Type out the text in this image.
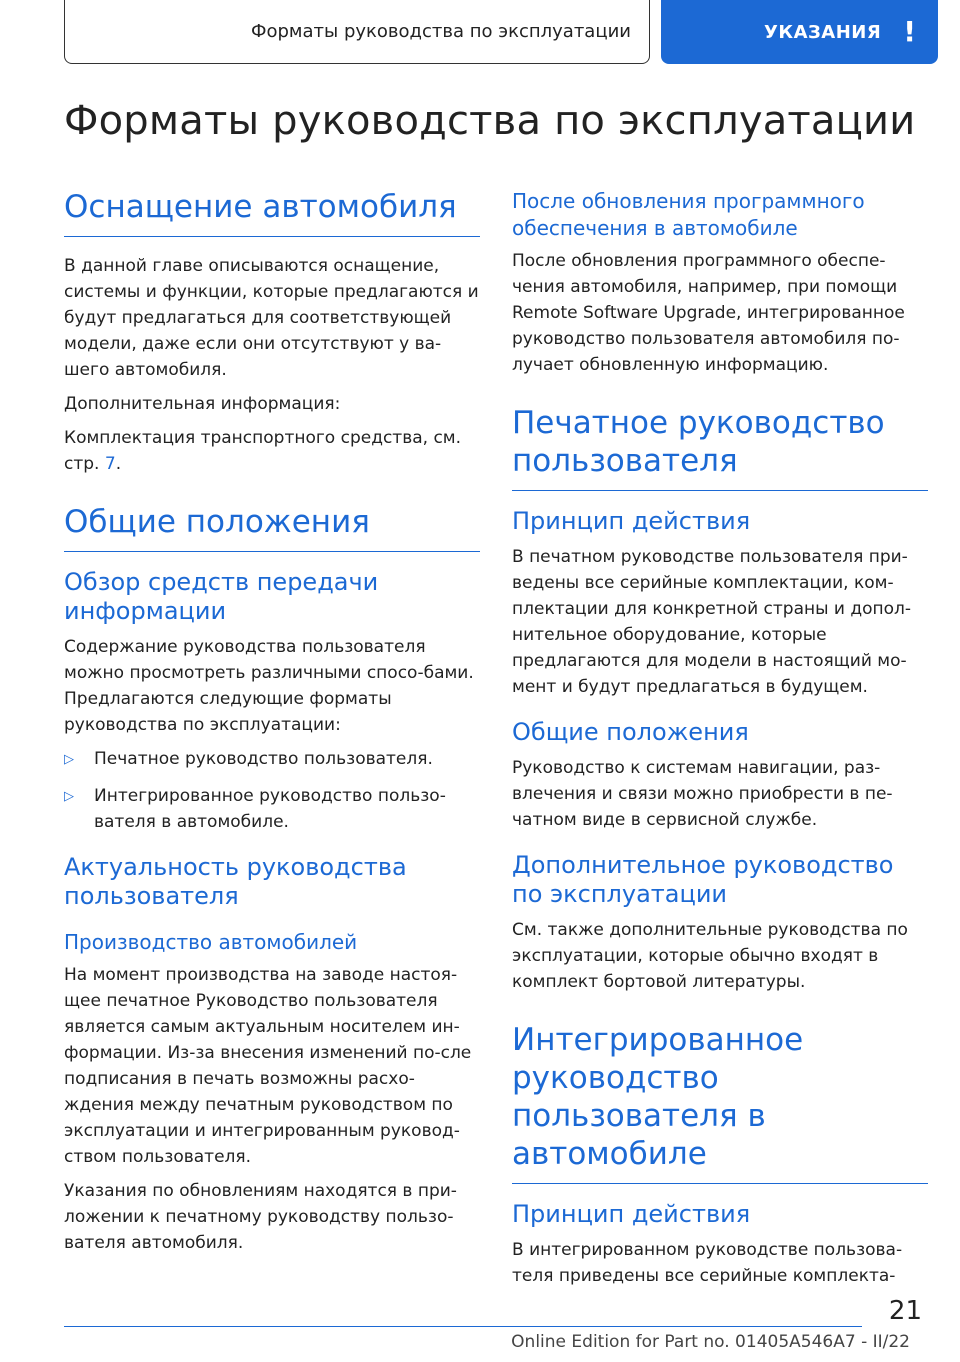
Форматы руководства по эксплуатации	УКАЗАНИЯ !
Форматы руководства по эксплуатации
Оснащение автомобиля

В данной главе описываются оснащение, системы и функции, которые предлагаются и будут предлагаться для соответствующей модели, даже если они отсутствуют у ва-шего автомобиля.

Дополнительная информация:

Комплектация транспортного средства, см. стр. 7.

Общие положения
Обзор средств передачи информации

Содержание руководства пользователя можно просмотреть различными спосо-бами. Предлагаются следующие форматы руководства по эксплуатации:

▷	Печатное руководство пользователя.
▷	Интегрированное руководство пользо-вателя в автомобиле.
Актуальность руководства пользователя
Производство автомобилей

На момент производства на заводе настоя-щее печатное Руководство пользователя является самым актуальным носителем ин-формации. Из-за внесения изменений по-сле подписания в печать возможны расхо-ждения между печатным руководством по эксплуатации и интегрированным руковод-ством пользователя.

Указания по обновлениям находятся в при-ложении к печатному руководству пользо-вателя автомобиля.

После обновления программного обеспечения в автомобиле

После обновления программного обеспе-чения автомобиля, например, при помощи Remote Software Upgrade, интегрированное руководство пользователя автомобиля по-лучает обновленную информацию.

Печатное руководство пользователя
Принцип действия

В печатном руководстве пользователя при-ведены все серийные комплектации, ком-плектации для конкретной страны и допол-нительное оборудование, которые предлагаются для модели в настоящий мо-мент и будут предлагаться в будущем.

Общие положения

Руководство к системам навигации, раз-влечения и связи можно приобрести в пе-чатном виде в сервисной службе.

Дополнительное руководство по эксплуатации

См. также дополнительные руководства по эксплуатации, которые обычно входят в комплект бортовой литературы.

Интегрированное руководство пользователя в автомобиле
Принцип действия

В интегрированном руководстве пользова-теля приведены все серийные комплекта-

21
Online Edition for Part no. 01405A546A7 - II/22
